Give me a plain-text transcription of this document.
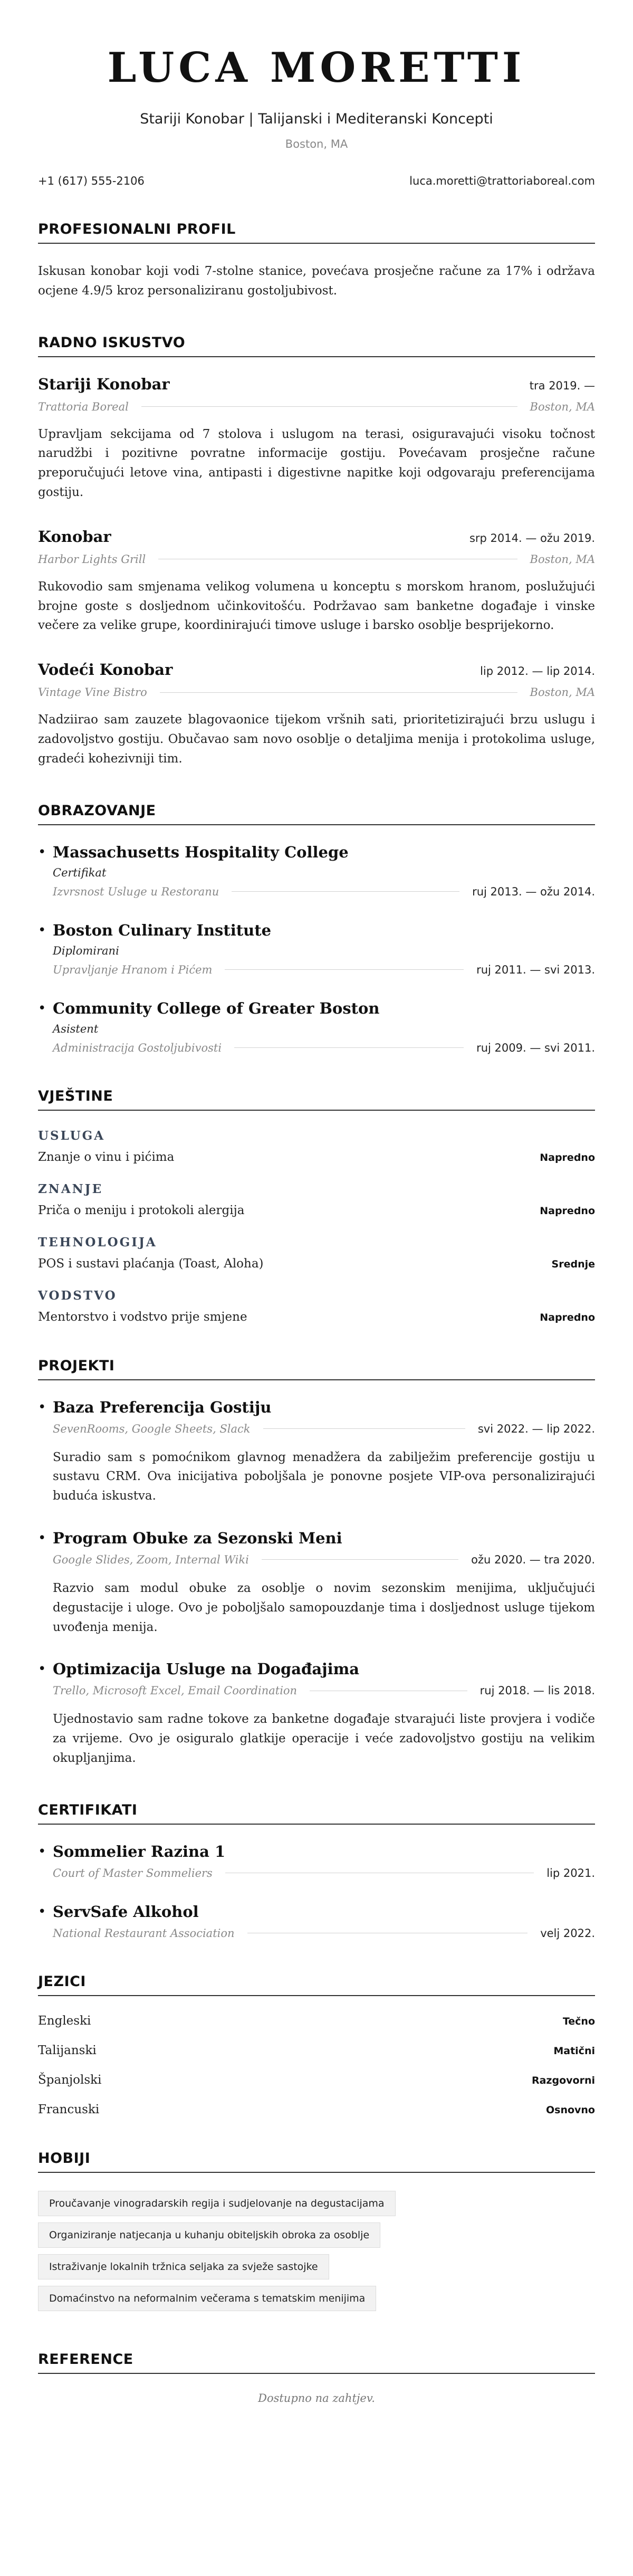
LUCA MORETTI
Stariji Konobar | Talijanski i Mediteranski Koncepti
Boston, MA
+1 (617) 555-2106	luca.moretti@trattoriaboreal.com
PROFESIONALNI PROFIL

Iskusan konobar koji vodi 7-stolne stanice, povećava prosječne račune za 17% i održava ocjene 4.9/5 kroz personaliziranu gostoljubivost.

RADNO ISKUSTVO
Stariji Konobar	tra 2019. —
Trattoria Boreal	Boston, MA

Upravljam sekcijama od 7 stolova i uslugom na terasi, osiguravajući visoku točnost narudžbi i pozitivne povratne informacije gostiju. Povećavam prosječne račune preporučujući letove vina, antipasti i digestivne napitke koji odgovaraju preferencijama gostiju.

Konobar	srp 2014. — ožu 2019.
Harbor Lights Grill	Boston, MA

Rukovodio sam smjenama velikog volumena u konceptu s morskom hranom, poslužujući brojne goste s dosljednom učinkovitošću. Podržavao sam banketne događaje i vinske večere za velike grupe, koordinirajući timove usluge i barsko osoblje besprijekorno.

Vodeći Konobar	lip 2012. — lip 2014.
Vintage Vine Bistro	Boston, MA

Nadziirao sam zauzete blagovaonice tijekom vršnih sati, prioritetizirajući brzu uslugu i zadovoljstvo gostiju. Obučavao sam novo osoblje o detaljima menija i protokolima usluge, gradeći kohezivniji tim.

OBRAZOVANJE
• Massachusetts Hospitality College
Certifikat
Izvrsnost Usluge u Restoranu	ruj 2013. — ožu 2014.
• Boston Culinary Institute
Diplomirani
Upravljanje Hranom i Pićem	ruj 2011. — svi 2013.
• Community College of Greater Boston
Asistent
Administracija Gostoljubivosti	ruj 2009. — svi 2011.
VJEŠTINE
USLUGA
Znanje o vinu i pićima	Napredno
ZNANJE
Priča o meniju i protokoli alergija	Napredno
TEHNOLOGIJA
POS i sustavi plaćanja (Toast, Aloha)	Srednje
VODSTVO
Mentorstvo i vodstvo prije smjene	Napredno
PROJEKTI
• Baza Preferencija Gostiju
SevenRooms, Google Sheets, Slack	svi 2022. — lip 2022.

Suradio sam s pomoćnikom glavnog menadžera da zabilježim preferencije gostiju u sustavu CRM. Ova inicijativa poboljšala je ponovne posjete VIP-ova personalizirajući buduća iskustva.

• Program Obuke za Sezonski Meni
Google Slides, Zoom, Internal Wiki	ožu 2020. — tra 2020.

Razvio sam modul obuke za osoblje o novim sezonskim menijima, uključujući degustacije i uloge. Ovo je poboljšalo samopouzdanje tima i dosljednost usluge tijekom uvođenja menija.

• Optimizacija Usluge na Događajima
Trello, Microsoft Excel, Email Coordination	ruj 2018. — lis 2018.

Ujednostavio sam radne tokove za banketne događaje stvarajući liste provjera i vodiče za vrijeme. Ovo je osiguralo glatkije operacije i veće zadovoljstvo gostiju na velikim okupljanjima.

CERTIFIKATI
• Sommelier Razina 1
Court of Master Sommeliers	lip 2021.
• ServSafe Alkohol
National Restaurant Association	velj 2022.
JEZICI
Engleski	Tečno
Talijanski	Matični
Španjolski	Razgovorni
Francuski	Osnovno
HOBIJI
Proučavanje vinogradarskih regija i sudjelovanje na degustacijama
Organiziranje natjecanja u kuhanju obiteljskih obroka za osoblje
Istraživanje lokalnih tržnica seljaka za svježe sastojke
Domaćinstvo na neformalnim večerama s tematskim menijima
REFERENCE

Dostupno na zahtjev.
